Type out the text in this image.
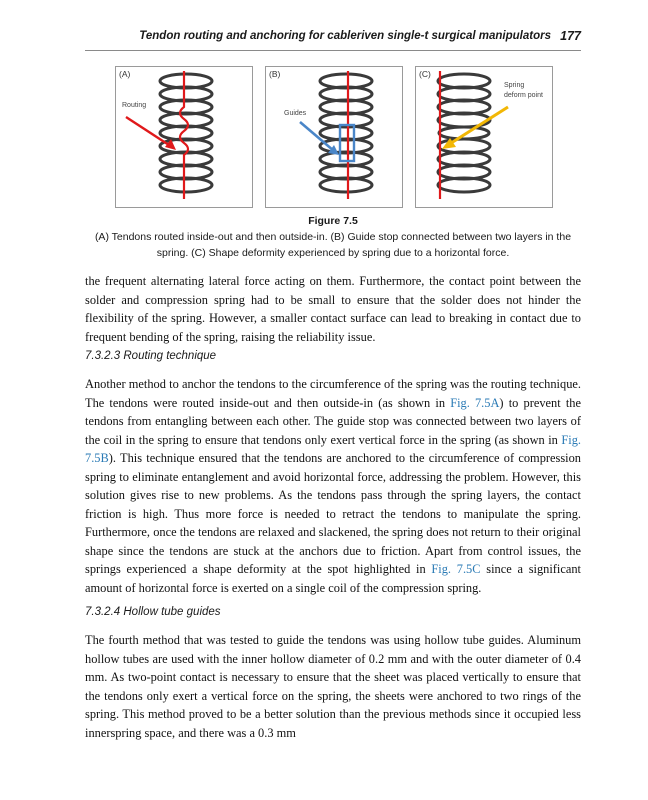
Tendon routing and anchoring for cableriven single-t surgical manipulators 177
(A)
Routing
(B)
Guides
(C)
Spring deform point
Figure 7.5
(A) Tendons routed inside-out and then outside-in. (B) Guide stop connected between two layers in the spring. (C) Shape deformity experienced by spring due to a horizontal force.
the frequent alternating lateral force acting on them. Furthermore, the contact point between the solder and compression spring had to be small to ensure that the solder does not hinder the flexibility of the spring. However, a smaller contact surface can lead to breaking in contact due to frequent bending of the spring, raising the reliability issue.
7.3.2.3 Routing technique
Another method to anchor the tendons to the circumference of the spring was the routing technique. The tendons were routed inside-out and then outside-in (as shown in Fig. 7.5A) to prevent the tendons from entangling between each other. The guide stop was connected between two layers of the coil in the spring to ensure that tendons only exert vertical force in the spring (as shown in Fig. 7.5B). This technique ensured that the tendons are anchored to the circumference of compression spring to eliminate entanglement and avoid horizontal force, addressing the problem. However, this solution gives rise to new problems. As the tendons pass through the spring layers, the contact friction is high. Thus more force is needed to retract the tendons to manipulate the spring. Furthermore, once the tendons are relaxed and slackened, the spring does not return to their original shape since the tendons are stuck at the anchors due to friction. Apart from control issues, the springs experienced a shape deformity at the spot highlighted in Fig. 7.5C since a significant amount of horizontal force is exerted on a single coil of the compression spring.
7.3.2.4 Hollow tube guides
The fourth method that was tested to guide the tendons was using hollow tube guides. Aluminum hollow tubes are used with the inner hollow diameter of 0.2 mm and with the outer diameter of 0.4 mm. As two-point contact is necessary to ensure that the sheet was placed vertically to ensure that the tendons only exert a vertical force on the spring, the sheets were anchored to two rings of the spring. This method proved to be a better solution than the previous methods since it occupied less innerspring space, and there was a 0.3 mm
